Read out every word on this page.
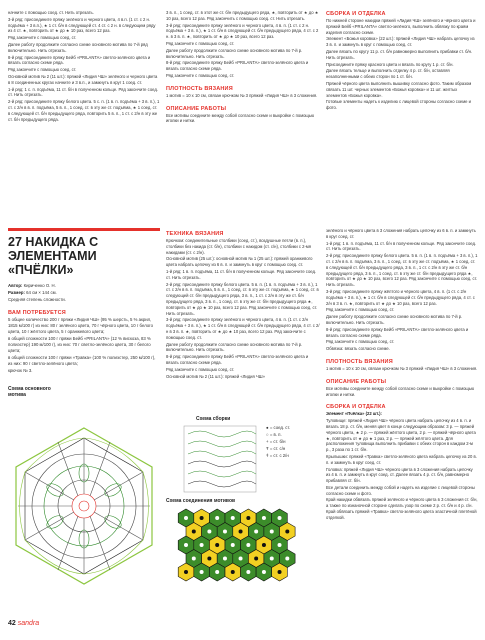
начните с помощью соед. ст. Нить отрезать.

3-й ряд: присоедините пряжу зелёного и черного цвета, 4 в.п. (1 ст. с 2 н. подъёма + 3 в.п.), ★ 1 ст. б/н в следующей ст. 4 ст. с 2 н. в следующем ряду из 4 ст. ★, повторить от ★ до ★ 10 раз, всего 12 раз.

Ряд закончите с помощью соед. ст.

Далее работу продолжите согласно схеме основного мотива по 7-й ряд включительно. Нить отрезать.

8-й ряд: присоедините пряжу Бейб «PRILANTA» светло-зелёного цвета и вязать согласно схеме ряда.

Ряд закончите с помощью соед. ст.

Основной мотив № 2 (11 шт.): пряжей «Лидия ЧШ» зелёного и черного цвета в 8 соединенных кругах начните и 3 в.п., и замкнуть в круг 1 соед. ст.

1-й ряд: 1 с. п. подъёма, 11 ст. б/н в полученном кольце. Ряд закончите соед. ст. Нить отрезать.

2-й ряд: присоедините пряжу белого цвета. 5 с. п. (1 в. п. подъёма + 3 в. п.), 1 ст. с 2/н в в. п. подъёма, 5 в. п., 1 соед. ст. в эту же ст. подъёма, ★ 1 соед. ст. в следующей ст. б/н предыдущего ряда, повторить 5 в. п., 1 ст. с 2/н в эту же ст. б/н предыдущего ряда.

27 НАКИДКА С ЭЛЕМЕНТАМИ «ПЧЁЛКИ»

Автор: Кириченко О. Н.

Размер: 64 см × 144 см.

Средняя степень сложности.

ВАМ ПОТРЕБУЕТСЯ

5 общее количество 200 г пряжи «Лидия ЧШ» (95 % шерсть, 5 % акрил, 1815 м/100 г) из них: 80 г зелёного цвета, 70 г чёрного цвета, 10 г белого цвета, 10 г жёлтого цвета, 5 г оранжевого цвета;

в общей сложности 100 г пряжи Бейб «PRILANTA» (12 % вискоза, 83 % полиэстер) 190 м/100 г), из них: 70 г светло-зелёного цвета, 30 г белого цвета;

в общей сложности 100 г пряжи «Травка» (100 % полиэстер, 250 м/100 г), из них: 90 г светло-зелёного цвета;

крючок № 3.

Схема основного
мотива

3 в. п., 1 соед. ст. в этот же ст. б/н предыдущего ряда, ★, повторить от ★ до ★ 10 раз, всего 12 раз. Ряд закончить с помощью соед. ст. Нить отрезать.

3-й ряд: присоедините пряжу зелёного и черного цвета, 4 в. п. (1 ст. с 2 н. подъёма + 3 в. п.), ★ 1 ст. б/н в следующей ст. б/н предыдущего ряда, 4 ст. с 2 н. в 3 в. п. ★, повторить от ★ до ★ 10 раз, всего 12 раз.

Ряд закончите с помощью соед. ст.

Далее работу продолжите согласно схеме основного мотива по 7-й р. включительно. Нить отрезать.

8-й ряд: присоедините пряжу Бейб «PRILANTA» светло-зелёного цвета и вязать согласно схеме ряда.

Ряд закончите с помощью соед. ст.

ПЛОТНОСТЬ ВЯЗАНИЯ

1 мотив = 10 х 10 см, связан крючком № 3 пряжей «Лидия ЧШ» в 3 сложения.

ОПИСАНИЕ РАБОТЫ

Все мотивы соедините между собой согласно схеме и выкройке с помощью иголки и нитки.

ТЕХНИКА ВЯЗАНИЯ

Крючком: соединительные столбики (соед. ст.), воздушные петли (в. п.), столбики без накида (ст. б/н), столбики с накидом (ст. с/н), столбики с 2-мя накидами (ст. с 2/н).

Основной мотив (25 шт.): основной мотив № 1 (25 шт.): пряжей оранжевого цвета набрать цепочку из 6 в. п. и замкнуть в круг с помощью соед. ст.

1-й ряд: 1 в. п. подъёма, 11 ст. б/н в полученном кольце. Ряд закончите соед. ст. Нить отрезать.

2-й ряд: присоедините пряжу белого цвета. 5 в. п. (1 в. п. подъёма + 3 в. п.), 1 ст. с 2/н в в. п. подъёма, 5 в. п., 1 соед. ст. в эту же ст. подъёма, ★ 1 соед. ст. в следующей ст. б/н предыдущего ряда, 3 в. п., 1 ст. с 2/н в эту же ст. б/н предыдущего ряда, 3 в. п., 1 соед. ст. в эту же ст. б/н предыдущего ряда ★, повторить от ★ до ★ 10 раз, всего 12 раз. Ряд закончите с помощью соед. ст. Нить отрезать.

3-й ряд: присоедините пряжу зелёного и чёрного цвета, 4 в. п. (1 ст. с 2/н подъёма + 3 в. п.), ★ 1 ст. б/н в следующей ст. б/н предыдущего ряда, 4 ст. с 2/н в 3 в. п. ★, повторить от ★ до ★ 10 раз, всего 12 раз. Ряд закончите с помощью соед. ст.

Далее работу продолжите согласно схеме основного мотива по 7-й р. включительно. Нить отрезать.

8-й ряд: присоедините пряжу Бейб «PRILANTA» светло-зелёного цвета и вязать согласно схеме ряда.

Ряд закончите с помощью соед. ст.

Основной мотив № 2 (11 шт.): пряжей «Лидия ЧШ»

Схема сборки
● = соед. ст.
○ = в. п.
+ = ст. б/н
Ŧ = ст. с/н
ǂ = ст. с 2/н
Схема соединения мотивов
СБОРКА И ОТДЕЛКА

По нижней стороне накидки пряжей «Лидия ЧШ» зелёного и чёрного цвета и пряжей Бейб «PRILANTA» светло-зелёного, выполнить обвязку по краям изделия согласно схеме.

Элемент «Божья коровка» (22 шт.): пряжей «Лидия ЧШ» набрать цепочку из 3 в. п. и замкнуть в круг с помощью соед. ст.

Далее вязать по кругу 11 р. ст. б/н равномерно выполнить прибавки ст. б/н. Нить отрезать.

Присоедините пряжу красного цвета и вязать по кругу 1 р. ст. б/н.

Далее вязать тельце и выполнить отделку 4 р. ст. б/н, оставляя незаполненными с обеих сторон по 1 ст. б/н.

Пряжей чёрного цвета выполнить вышивку согласно фото. Таким образом связать 11 шт. черных элементов «Божья коровка» и 11 шт. желтых элементов «Божья коровка».

Готовые элементы надеть к изделию с лицевой стороны согласно схеме и фото.

зелёного и чёрного цвета в 3 сложения набрать цепочку из 6 в. п. и замкнуть в круг соед. ст.

1-й ряд: 1 в. п. подъёма, 11 ст. б/н в полученном кольце. Ряд закончите соед. ст. Нить отрезать.

2-й ряд: присоедините пряжу белого цвета. 5 в. п. (1 в. п. подъёма + 3 в. п.), 1 ст. с 2/н в в. п. подъёма, 3 в. п., 1 соед. ст. в эту же ст. подъёма, ★ 1 соед. ст. в следующей ст. б/н предыдущего ряда, 3 в. п., 1 ст. с 2/н в эту же ст. б/н предыдущего ряда, 3 в. п., 1 соед. ст. в эту же ст. б/н предыдущего ряда ★, повторить от ★ до ★ 10 раз, всего 12 раз. Ряд закончите с помощью соед. ст. Нить отрезать.

3-й ряд: присоедините пряжу жёлтого и чёрного цвета, 4 в. п. (1 ст. с 2/н подъёма + 3 в. п.), ★ 1 ст. б/н в следующей ст. б/н предыдущего ряда, 4 ст. с 2/н в 3 в. п. ★, повторить от ★ до ★ 10 раз, всего 12 раз.

Ряд закончите с помощью соед. ст.

Далее работу продолжите согласно схеме основного мотива по 7-й р. включительно. Нить отрезать.

8-й ряд: присоедините пряжу Бейб «PRILANTA» светло-зелёного цвета и вязать согласно схеме ряда.

Ряд закончите с помощью соед. ст.

Обвязка: вязать согласно схеме.

ПЛОТНОСТЬ ВЯЗАНИЯ

1 мотив = 10 х 10 см, связан крючком № 3 пряжей «Лидия ЧШ» в 3 сложения.

ОПИСАНИЕ РАБОТЫ

Все мотивы соедините между собой согласно схеме и выкройке с помощью иголки и нитки.

СБОРКА И ОТДЕЛКА

Элемент «Пчёлка» (22 шт.):

Туловище: пряжей «Лидия ЧШ» чёрного цвета набрать цепочку из 4 в. п. и вязать 18 р. ст. б/н, меняя цвет в конце следующим образом: 3 р. — пряжей чёрного цвета, ★ 2 р. — пряжей жёлтого цвета, 2 р. — пряжей чёрного цвета ★, повторить от ★ до ★ 1 раз, 2 р. — пряжей жёлтого цвета. Для расположения туловища выполнить прибавки с обеих сторон в каждом 2-м р., 3 раза по 1 ст. б/н.

Крылышки: пряжей «Травка» светло-зелёного цвета набрать цепочку из 20 в. п. и замкнуть в круг соед. ст.

Головка: пряжей «Лидия ЧШ» чёрного цвета в 3 сложения набрать цепочку из 4 в. п. и замкнуть в круг соед. ст. Далее вязать 4 р. ст. б/н, равномерно прибавляя ст. б/н.

Все детали соединить между собой и надеть на изделие с лицевой стороны согласно схеме и фото.

Край накидки обвязать пряжей зелёного и чёрного цвета в 3 сложения ст. б/н, а также по изнаночной стороне сделать узор по схеме 2 р. ст. б/н и 4 р. с/н. Край обвязать пряжей «Травка» светло-зелёного цвета эластичной плетёной отделкой.

42 sandra
